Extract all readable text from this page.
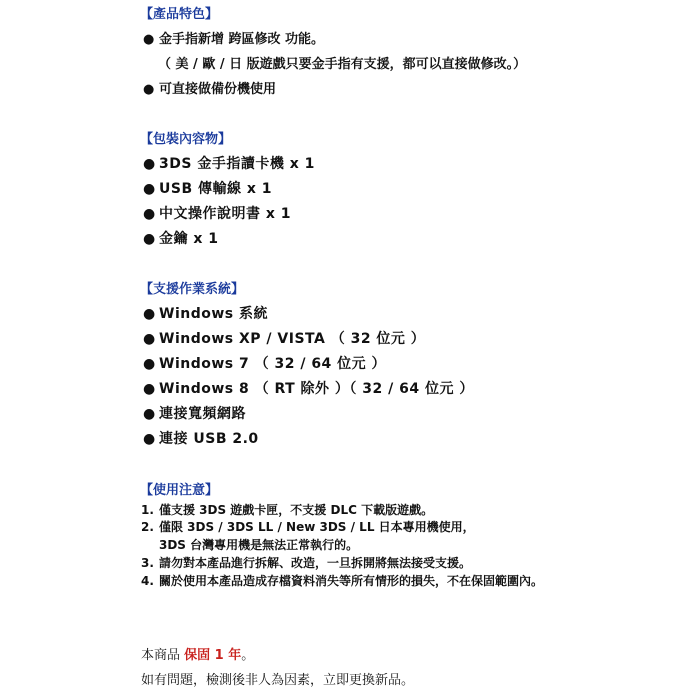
【產品特色】
● 金手指新增 跨區修改 功能。
（ 美 / 歐 / 日 版遊戲只要金手指有支援，都可以直接做修改。）
● 可直接做備份機使用
【包裝內容物】
● 3DS 金手指讀卡機 x 1
● USB 傳輸線 x 1
● 中文操作說明書 x 1
● 金鑰 x 1
【支援作業系統】
● Windows 系統
● Windows XP / VISTA （ 32 位元 ）
● Windows 7 （ 32 / 64 位元 ）
● Windows 8 （ RT 除外 ）（ 32 / 64 位元 ）
● 連接寬頻網路
● 連接 USB 2.0
【使用注意】
1. 僅支援 3DS 遊戲卡匣，不支援 DLC 下載版遊戲。
2. 僅限 3DS / 3DS LL / New 3DS / LL 日本專用機使用，
3DS 台灣專用機是無法正常執行的。
3. 請勿對本產品進行拆解、改造，一旦拆開將無法接受支援。
4. 關於使用本產品造成存檔資料消失等所有情形的損失，不在保固範圍內。
本商品 保固 1 年。
如有問題，檢測後非人為因素，立即更換新品。
